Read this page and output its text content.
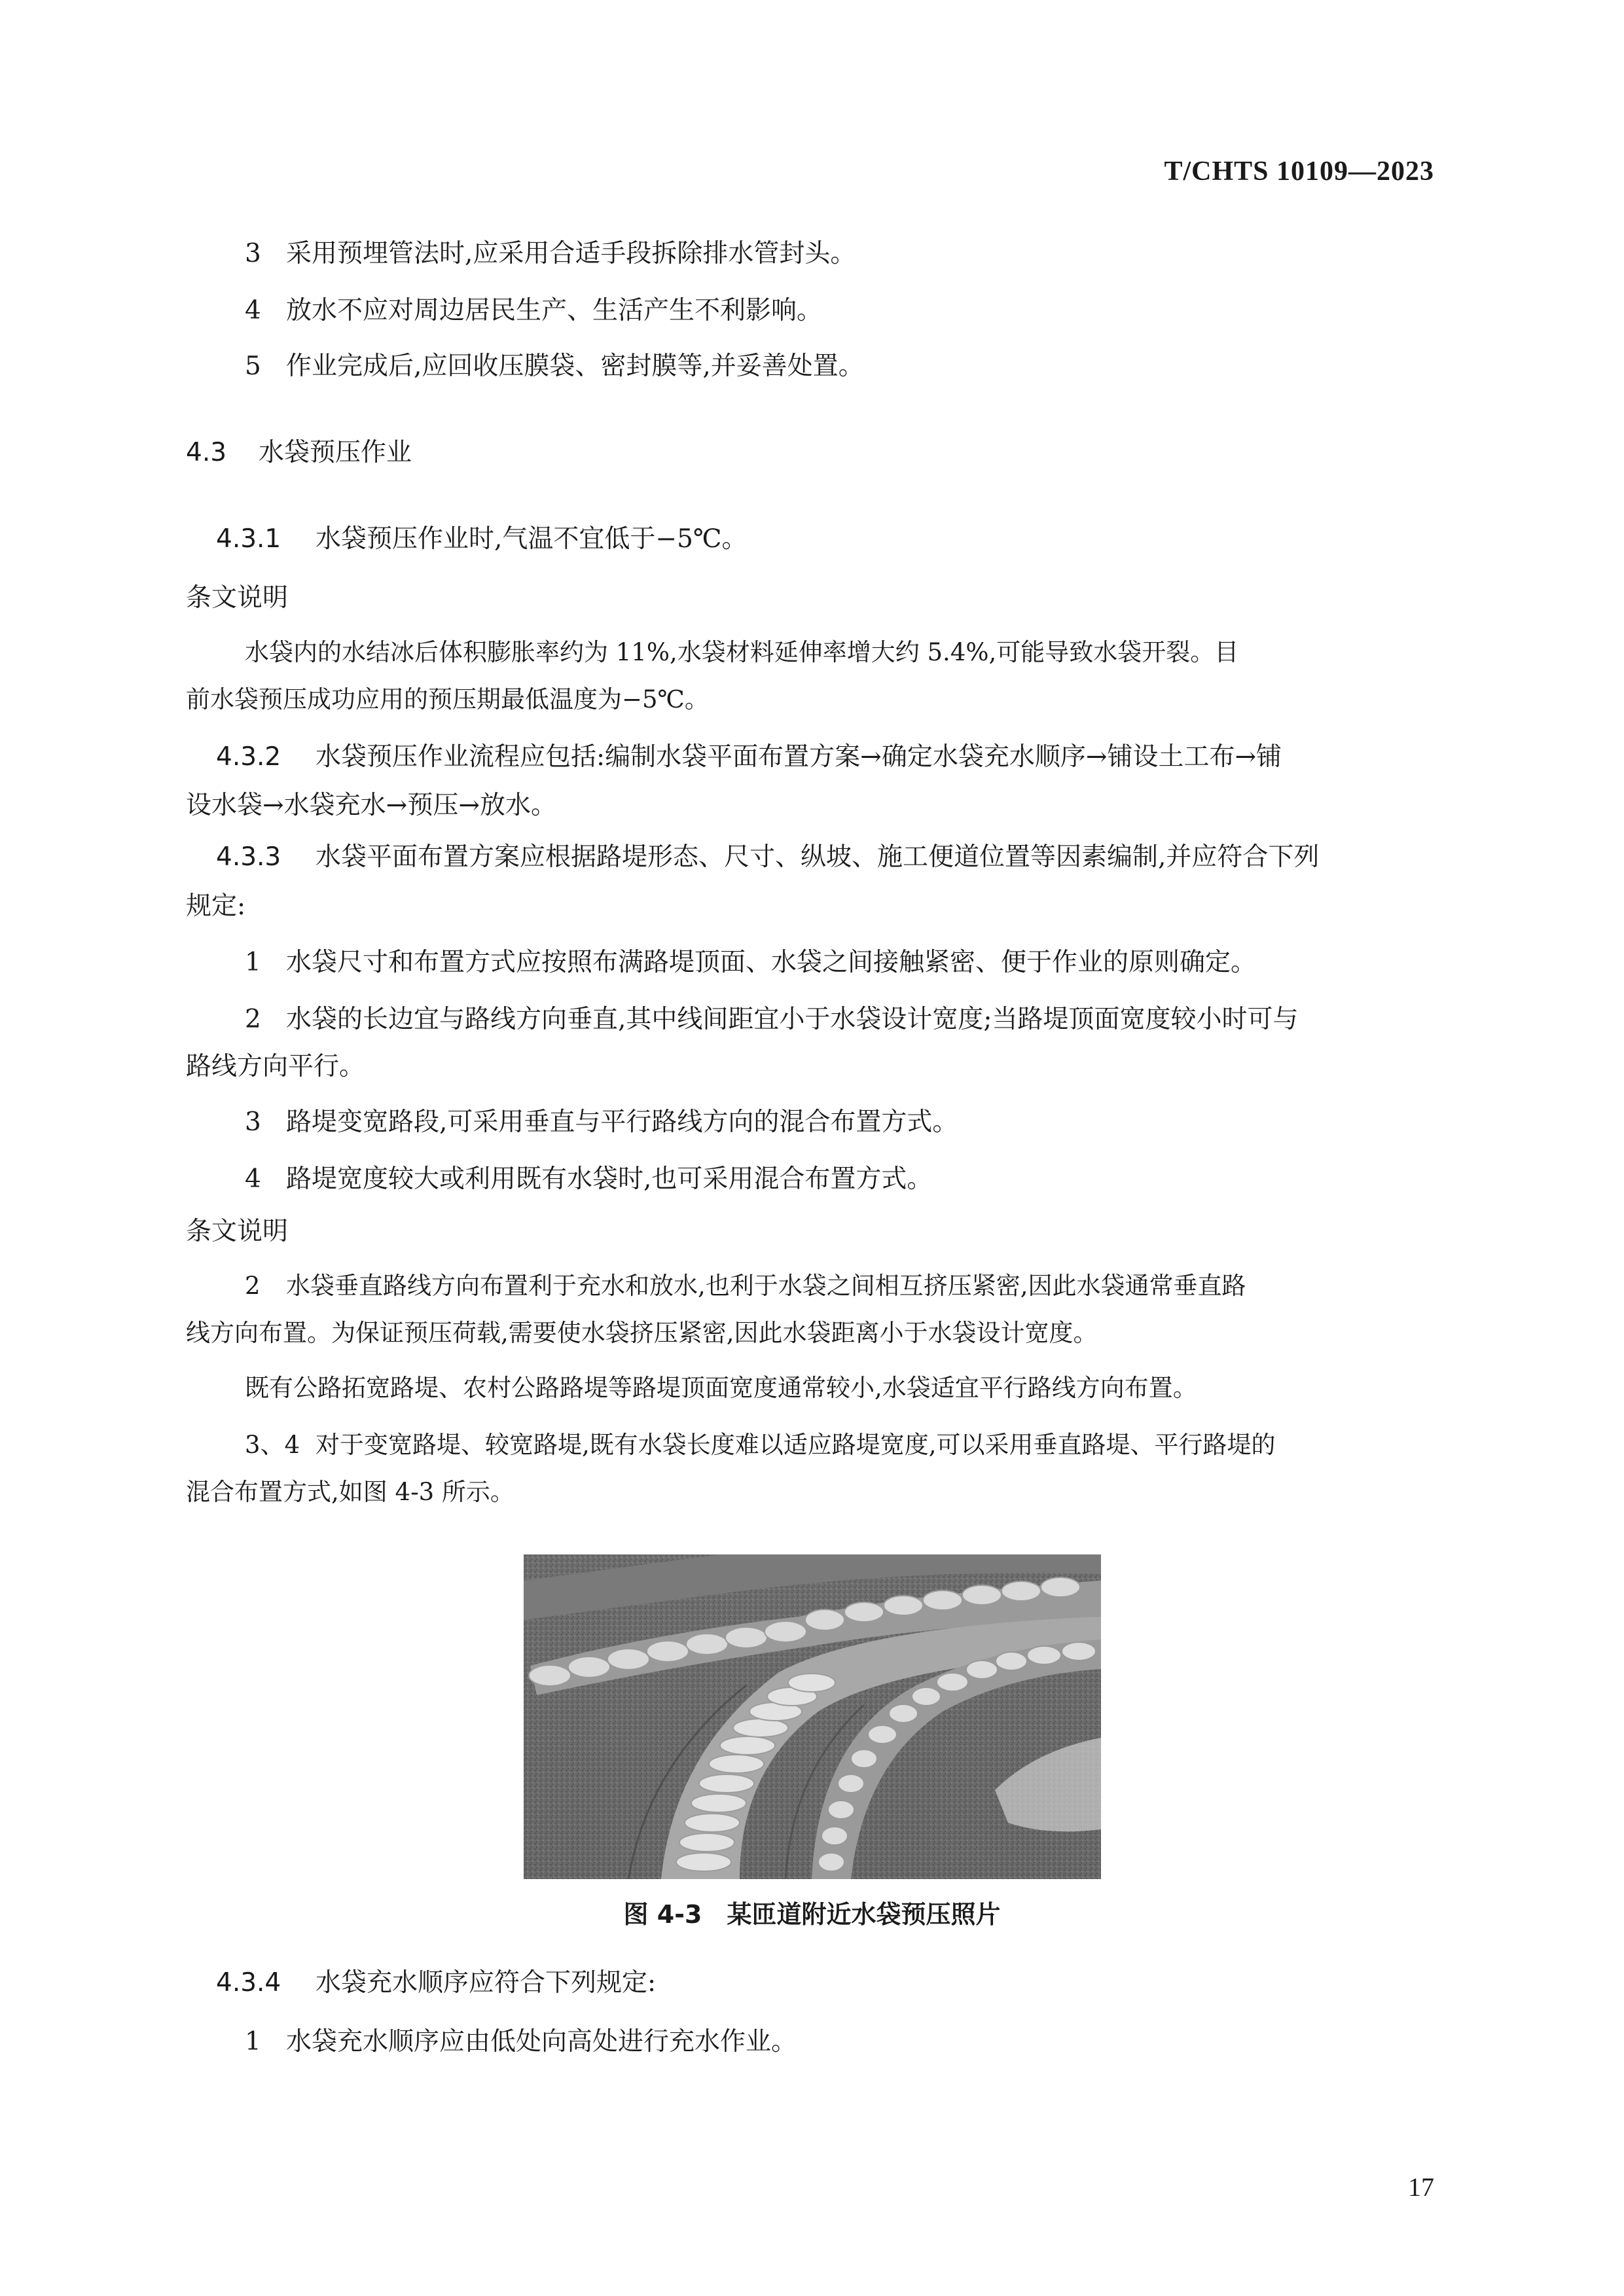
T/CHTS 10109—2023
3 采用预埋管法时,应采用合适手段拆除排水管封头。
4 放水不应对周边居民生产、生活产生不利影响。
5 作业完成后,应回收压膜袋、密封膜等,并妥善处置。
4.3 水袋预压作业
4.3.1 水袋预压作业时,气温不宜低于−5℃。
条文说明
水袋内的水结冰后体积膨胀率约为 11%,水袋材料延伸率增大约 5.4%,可能导致水袋开裂。目
前水袋预压成功应用的预压期最低温度为−5℃。
4.3.2 水袋预压作业流程应包括:编制水袋平面布置方案→确定水袋充水顺序→铺设土工布→铺
设水袋→水袋充水→预压→放水。
4.3.3 水袋平面布置方案应根据路堤形态、尺寸、纵坡、施工便道位置等因素编制,并应符合下列
规定:
1 水袋尺寸和布置方式应按照布满路堤顶面、水袋之间接触紧密、便于作业的原则确定。
2 水袋的长边宜与路线方向垂直,其中线间距宜小于水袋设计宽度;当路堤顶面宽度较小时可与
路线方向平行。
3 路堤变宽路段,可采用垂直与平行路线方向的混合布置方式。
4 路堤宽度较大或利用既有水袋时,也可采用混合布置方式。
条文说明
2 水袋垂直路线方向布置利于充水和放水,也利于水袋之间相互挤压紧密,因此水袋通常垂直路
线方向布置。为保证预压荷载,需要使水袋挤压紧密,因此水袋距离小于水袋设计宽度。
既有公路拓宽路堤、农村公路路堤等路堤顶面宽度通常较小,水袋适宜平行路线方向布置。
3、4 对于变宽路堤、较宽路堤,既有水袋长度难以适应路堤宽度,可以采用垂直路堤、平行路堤的
混合布置方式,如图 4-3 所示。
图 4-3  某匝道附近水袋预压照片
4.3.4 水袋充水顺序应符合下列规定:
1 水袋充水顺序应由低处向高处进行充水作业。
17
